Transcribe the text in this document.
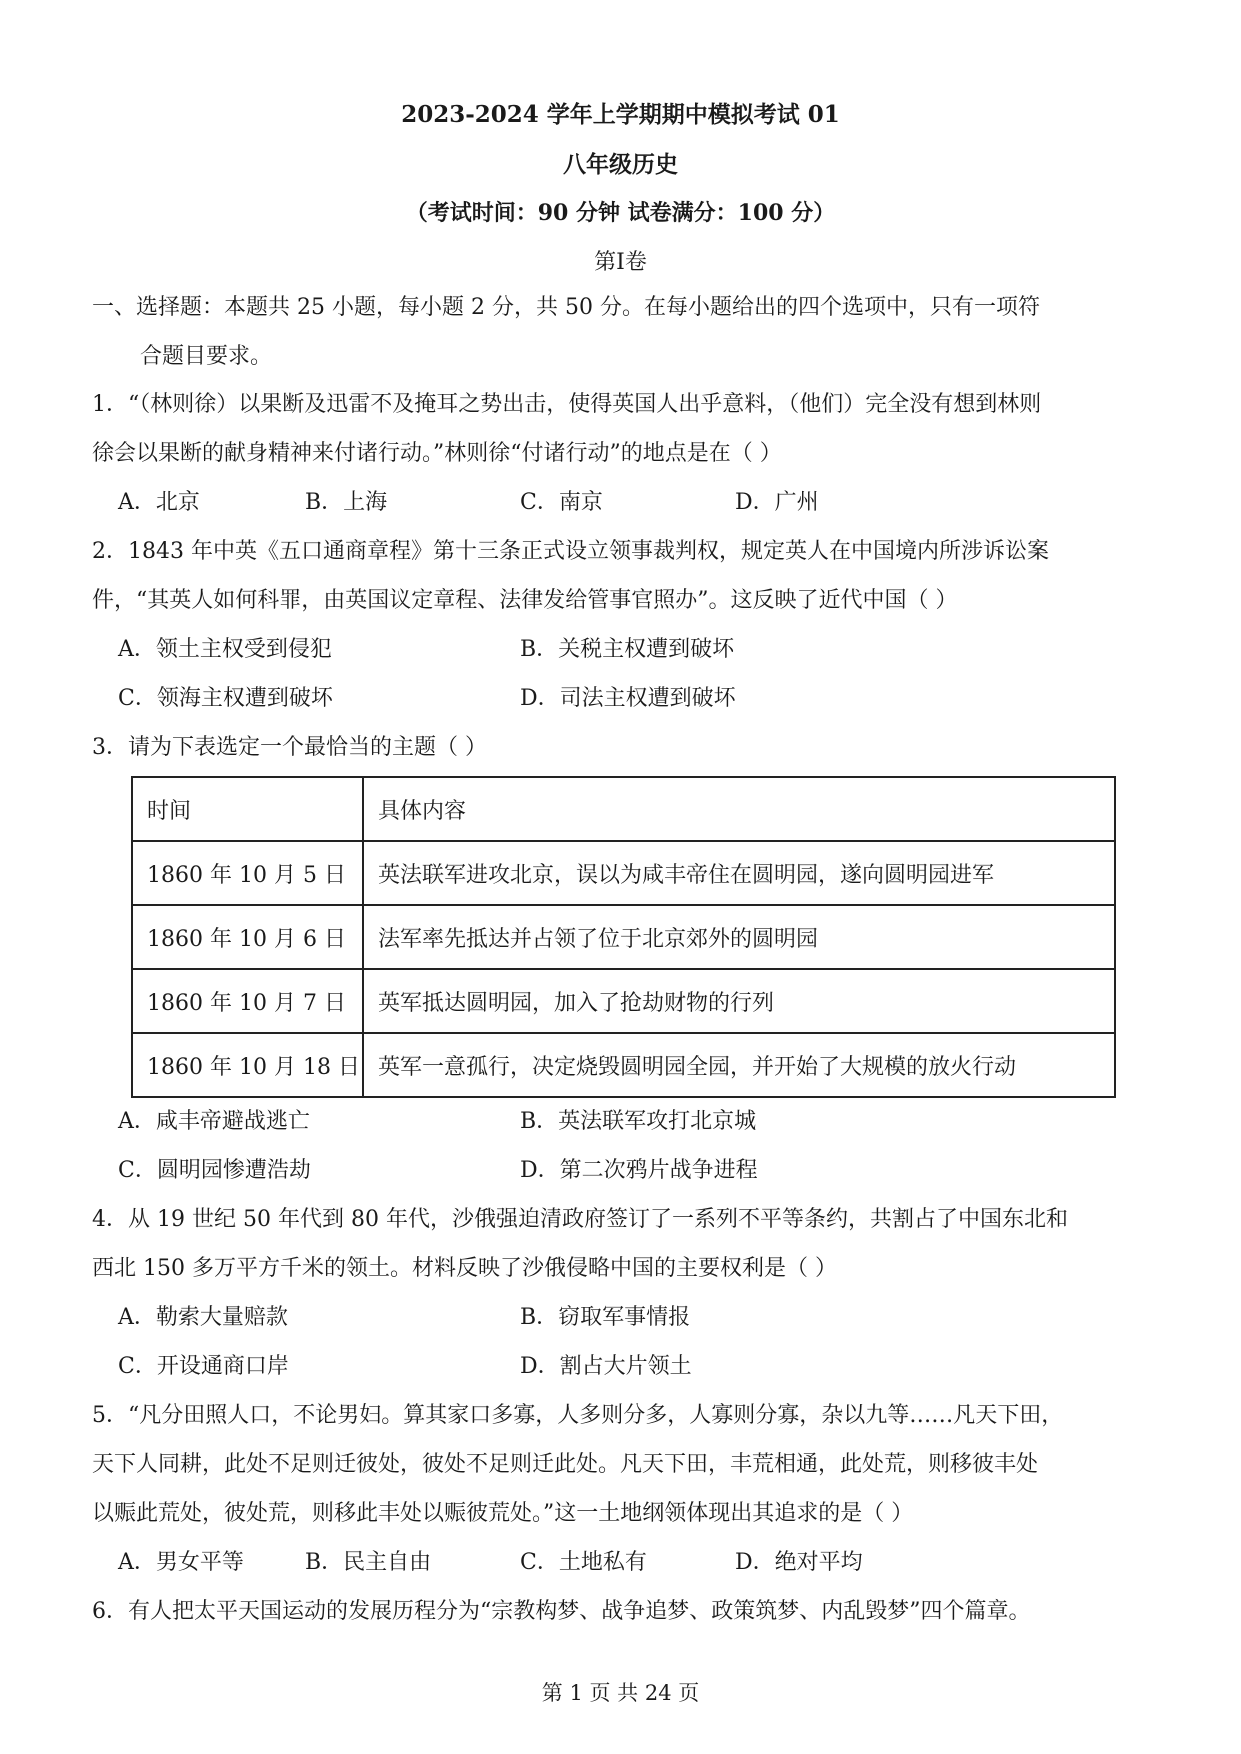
2023-2024 学年上学期期中模拟考试 01
八年级历史
（考试时间：90 分钟 试卷满分：100 分）
第I卷
一、选择题：本题共 25 小题，每小题 2 分，共 50 分。在每小题给出的四个选项中，只有一项符
合题目要求。
1．“（林则徐）以果断及迅雷不及掩耳之势出击，使得英国人出乎意料，（他们）完全没有想到林则
徐会以果断的献身精神来付诸行动。”林则徐“付诸行动”的地点是在（ ）
A．北京	B．上海	C．南京	D．广州
2．1843 年中英《五口通商章程》第十三条正式设立领事裁判权，规定英人在中国境内所涉诉讼案
件，“其英人如何科罪，由英国议定章程、法律发给管事官照办”。这反映了近代中国（ ）
A．领土主权受到侵犯	B．关税主权遭到破坏
C．领海主权遭到破坏	D．司法主权遭到破坏
3．请为下表选定一个最恰当的主题（ ）
时间	具体内容
1860 年 10 月 5 日	英法联军进攻北京，误以为咸丰帝住在圆明园，遂向圆明园进军
1860 年 10 月 6 日	法军率先抵达并占领了位于北京郊外的圆明园
1860 年 10 月 7 日	英军抵达圆明园，加入了抢劫财物的行列
1860 年 10 月 18 日	英军一意孤行，决定烧毁圆明园全园，并开始了大规模的放火行动
A．咸丰帝避战逃亡	B．英法联军攻打北京城
C．圆明园惨遭浩劫	D．第二次鸦片战争进程
4．从 19 世纪 50 年代到 80 年代，沙俄强迫清政府签订了一系列不平等条约，共割占了中国东北和
西北 150 多万平方千米的领土。材料反映了沙俄侵略中国的主要权利是（ ）
A．勒索大量赔款	B．窃取军事情报
C．开设通商口岸	D．割占大片领土
5．“凡分田照人口，不论男妇。算其家口多寡，人多则分多，人寡则分寡，杂以九等……凡天下田，
天下人同耕，此处不足则迁彼处，彼处不足则迁此处。凡天下田，丰荒相通，此处荒，则移彼丰处
以赈此荒处，彼处荒，则移此丰处以赈彼荒处。”这一土地纲领体现出其追求的是（ ）
A．男女平等	B．民主自由	C．土地私有	D．绝对平均
6．有人把太平天国运动的发展历程分为“宗教构梦、战争追梦、政策筑梦、内乱毁梦”四个篇章。
第 1 页 共 24 页
